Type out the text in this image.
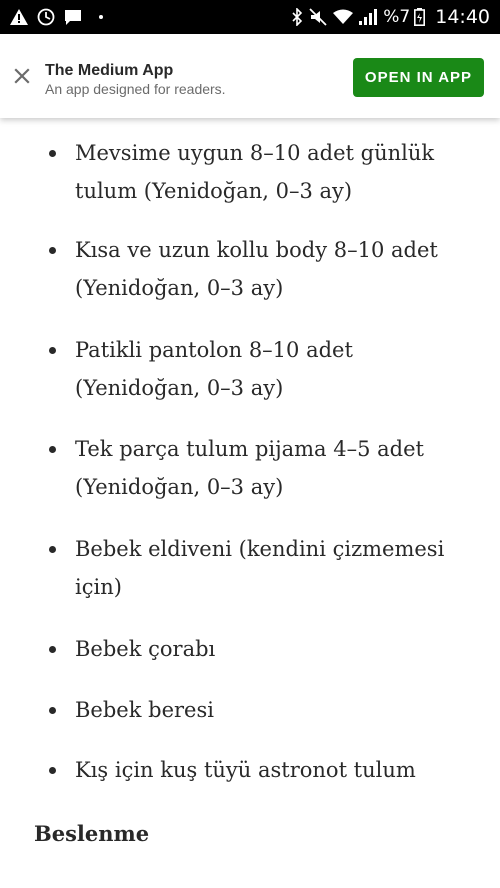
%7 14:40
The Medium App
An app designed for readers.
OPEN IN APP
Mevsime uygun 8–10 adet günlük tulum (Yenidoğan, 0–3 ay)
Kısa ve uzun kollu body 8–10 adet (Yenidoğan, 0–3 ay)
Patikli pantolon 8–10 adet (Yenidoğan, 0–3 ay)
Tek parça tulum pijama 4–5 adet (Yenidoğan, 0–3 ay)
Bebek eldiveni (kendini çizmemesi için)
Bebek çorabı
Bebek beresi
Kış için kuş tüyü astronot tulum
Beslenme
